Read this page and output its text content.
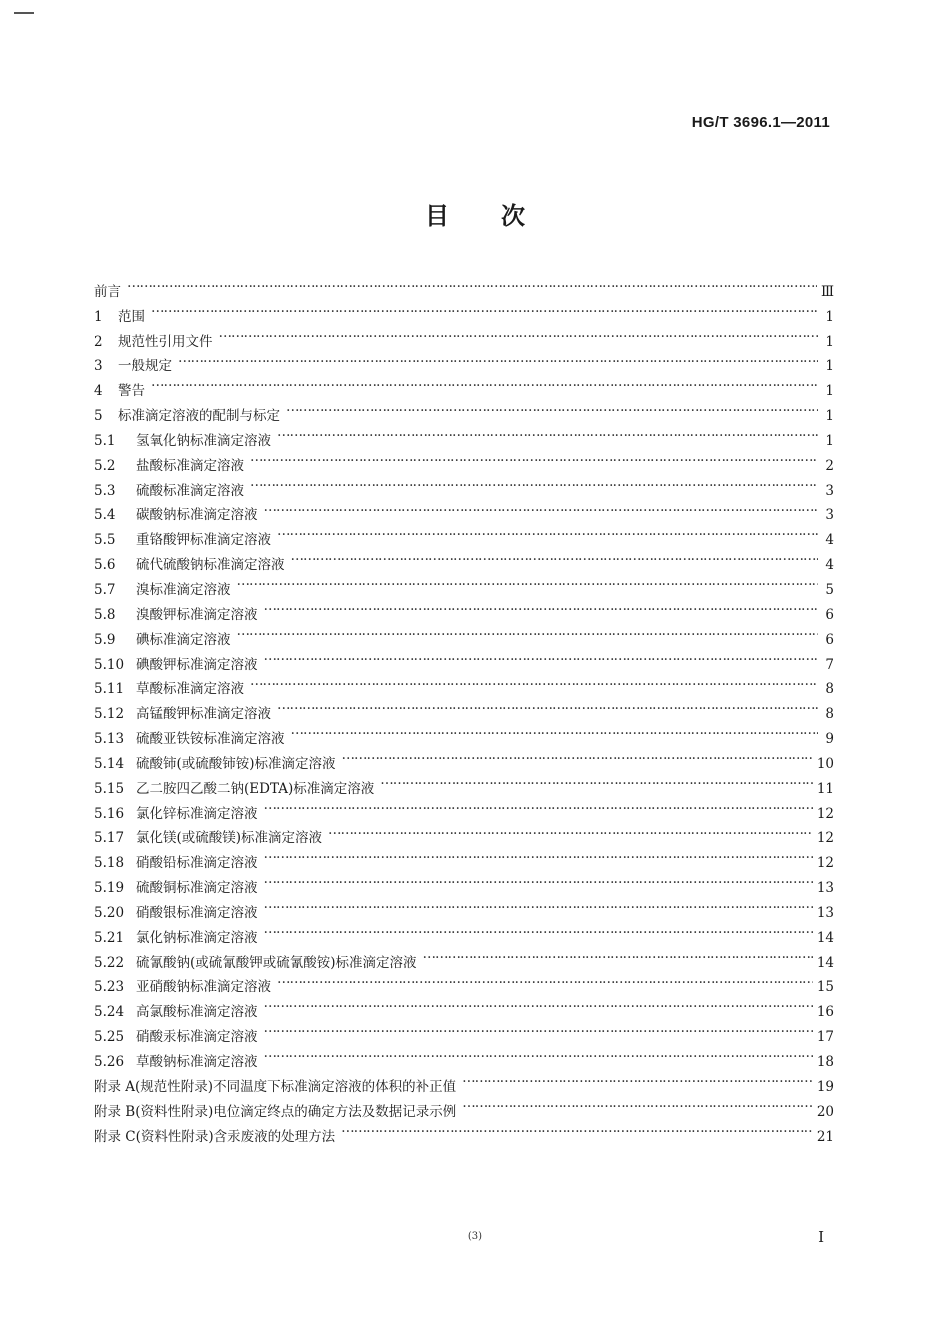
HG/T 3696.1—2011
目 次
前言 ……………………………………………………………………………………………………………………………………………………………………………………………………………	Ⅲ
1	范围 ……………………………………………………………………………………………………………………………………………………………………………………………………………	1
2	规范性引用文件 ……………………………………………………………………………………………………………………………………………………………………………………………………………	1
3	一般规定 ……………………………………………………………………………………………………………………………………………………………………………………………………………	1
4	警告 ……………………………………………………………………………………………………………………………………………………………………………………………………………	1
5	标准滴定溶液的配制与标定 ……………………………………………………………………………………………………………………………………………………………………………………………………………	1
5.1	氢氧化钠标准滴定溶液 ……………………………………………………………………………………………………………………………………………………………………………………………………………	1
5.2	盐酸标准滴定溶液 ……………………………………………………………………………………………………………………………………………………………………………………………………………	2
5.3	硫酸标准滴定溶液 ……………………………………………………………………………………………………………………………………………………………………………………………………………	3
5.4	碳酸钠标准滴定溶液 ……………………………………………………………………………………………………………………………………………………………………………………………………………	3
5.5	重铬酸钾标准滴定溶液 ……………………………………………………………………………………………………………………………………………………………………………………………………………	4
5.6	硫代硫酸钠标准滴定溶液 ……………………………………………………………………………………………………………………………………………………………………………………………………………	4
5.7	溴标准滴定溶液 ……………………………………………………………………………………………………………………………………………………………………………………………………………	5
5.8	溴酸钾标准滴定溶液 ……………………………………………………………………………………………………………………………………………………………………………………………………………	6
5.9	碘标准滴定溶液 ……………………………………………………………………………………………………………………………………………………………………………………………………………	6
5.10 碘酸钾标准滴定溶液 ……………………………………………………………………………………………………………………………………………………………………………………………………………	7
5.11 草酸标准滴定溶液 ……………………………………………………………………………………………………………………………………………………………………………………………………………	8
5.12 高锰酸钾标准滴定溶液 ……………………………………………………………………………………………………………………………………………………………………………………………………………	8
5.13 硫酸亚铁铵标准滴定溶液 ……………………………………………………………………………………………………………………………………………………………………………………………………………	9
5.14 硫酸铈(或硫酸铈铵)标准滴定溶液 ……………………………………………………………………………………………………………………………………………………………………………………………………………	10
5.15 乙二胺四乙酸二钠(EDTA)标准滴定溶液 ……………………………………………………………………………………………………………………………………………………………………………………………………………	11
5.16 氯化锌标准滴定溶液 ……………………………………………………………………………………………………………………………………………………………………………………………………………	12
5.17 氯化镁(或硫酸镁)标准滴定溶液 ……………………………………………………………………………………………………………………………………………………………………………………………………………	12
5.18 硝酸铅标准滴定溶液 ……………………………………………………………………………………………………………………………………………………………………………………………………………	12
5.19 硫酸铜标准滴定溶液 ……………………………………………………………………………………………………………………………………………………………………………………………………………	13
5.20 硝酸银标准滴定溶液 ……………………………………………………………………………………………………………………………………………………………………………………………………………	13
5.21 氯化钠标准滴定溶液 ……………………………………………………………………………………………………………………………………………………………………………………………………………	14
5.22 硫氰酸钠(或硫氰酸钾或硫氰酸铵)标准滴定溶液 ……………………………………………………………………………………………………………………………………………………………………………………………………………	14
5.23 亚硝酸钠标准滴定溶液 ……………………………………………………………………………………………………………………………………………………………………………………………………………	15
5.24 高氯酸标准滴定溶液 ……………………………………………………………………………………………………………………………………………………………………………………………………………	16
5.25 硝酸汞标准滴定溶液 ……………………………………………………………………………………………………………………………………………………………………………………………………………	17
5.26 草酸钠标准滴定溶液 ……………………………………………………………………………………………………………………………………………………………………………………………………………	18
附录 A(规范性附录)不同温度下标准滴定溶液的体积的补正值 ……………………………………………………………………………………………………………………………………………………………………………………………………………	19
附录 B(资料性附录)电位滴定终点的确定方法及数据记录示例 ……………………………………………………………………………………………………………………………………………………………………………………………………………	20
附录 C(资料性附录)含汞废液的处理方法 ……………………………………………………………………………………………………………………………………………………………………………………………………………	21
(3)	I
